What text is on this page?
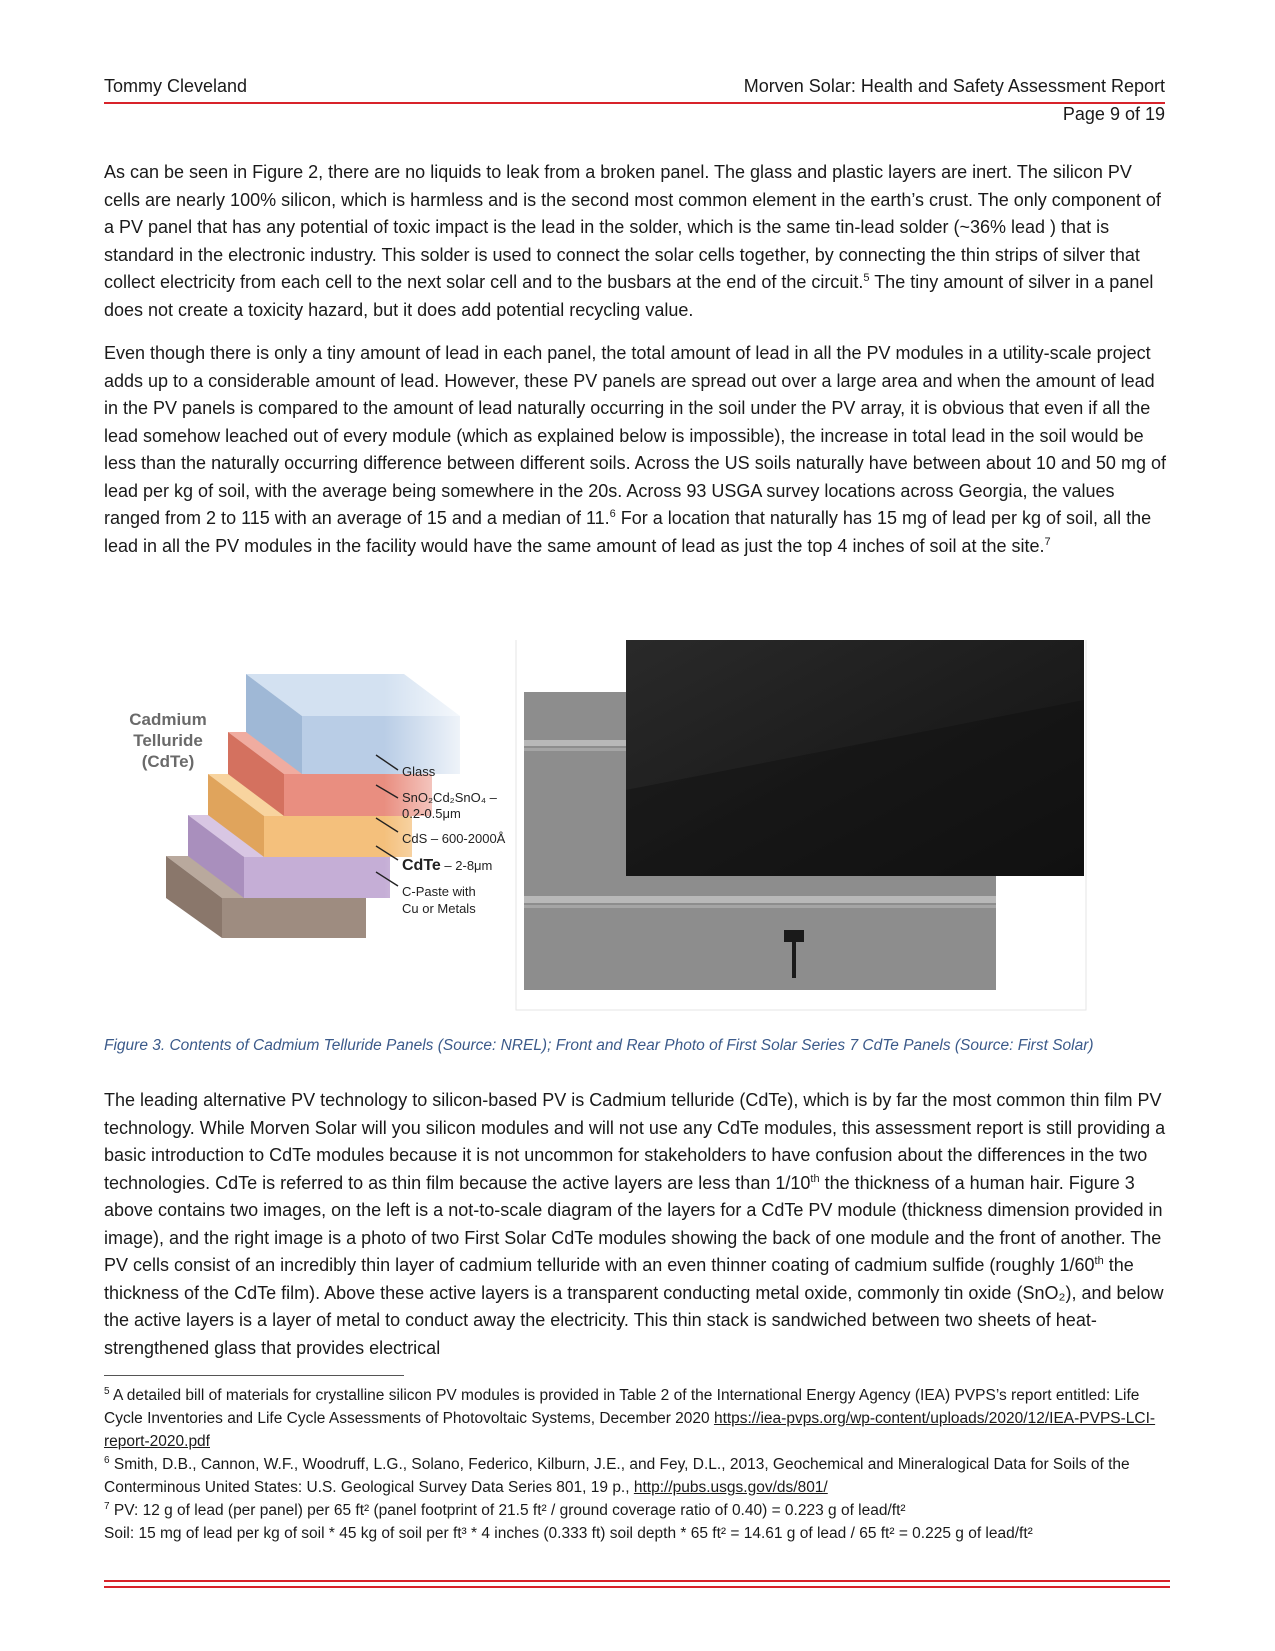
Tommy Cleveland	Morven Solar: Health and Safety Assessment Report
Page 9 of 19

As can be seen in Figure 2, there are no liquids to leak from a broken panel. The glass and plastic layers are inert. The silicon PV cells are nearly 100% silicon, which is harmless and is the second most common element in the earth’s crust. The only component of a PV panel that has any potential of toxic impact is the lead in the solder, which is the same tin-lead solder (~36% lead ) that is standard in the electronic industry. This solder is used to connect the solar cells together, by connecting the thin strips of silver that collect electricity from each cell to the next solar cell and to the busbars at the end of the circuit.$^5$ The tiny amount of silver in a panel does not create a toxicity hazard, but it does add potential recycling value.

Even though there is only a tiny amount of lead in each panel, the total amount of lead in all the PV modules in a utility-scale project adds up to a considerable amount of lead. However, these PV panels are spread out over a large area and when the amount of lead in the PV panels is compared to the amount of lead naturally occurring in the soil under the PV array, it is obvious that even if all the lead somehow leached out of every module (which as explained below is impossible), the increase in total lead in the soil would be less than the naturally occurring difference between different soils. Across the US soils naturally have between about 10 and 50 mg of lead per kg of soil, with the average being somewhere in the 20s. Across 93 USGA survey locations across Georgia, the values ranged from 2 to 115 with an average of 15 and a median of 11.$^6$ For a location that naturally has 15 mg of lead per kg of soil, all the lead in all the PV modules in the facility would have the same amount of lead as just the top 4 inches of soil at the site.$^7$

Cadmium
Telluride
(CdTe)
Glass
SnO₂Cd₂SnO₄ –
0.2-0.5μm
CdS – 600-2000Å
CdTe – 2-8μm
C-Paste with
Cu or Metals
Figure 3. Contents of Cadmium Telluride Panels (Source: NREL); Front and Rear Photo of First Solar Series 7 CdTe Panels (Source: First Solar)

The leading alternative PV technology to silicon-based PV is Cadmium telluride (CdTe), which is by far the most common thin film PV technology. While Morven Solar will you silicon modules and will not use any CdTe modules, this assessment report is still providing a basic introduction to CdTe modules because it is not uncommon for stakeholders to have confusion about the differences in the two technologies. CdTe is referred to as thin film because the active layers are less than 1/10th the thickness of a human hair. Figure 3 above contains two images, on the left is a not-to-scale diagram of the layers for a CdTe PV module (thickness dimension provided in image), and the right image is a photo of two First Solar CdTe modules showing the back of one module and the front of another. The PV cells consist of an incredibly thin layer of cadmium telluride with an even thinner coating of cadmium sulfide (roughly 1/60th the thickness of the CdTe film). Above these active layers is a transparent conducting metal oxide, commonly tin oxide (SnO₂), and below the active layers is a layer of metal to conduct away the electricity. This thin stack is sandwiched between two sheets of heat-strengthened glass that provides electrical

$^5$ A detailed bill of materials for crystalline silicon PV modules is provided in Table 2 of the International Energy Agency (IEA) PVPS’s report entitled: Life Cycle Inventories and Life Cycle Assessments of Photovoltaic Systems, December 2020 https://iea-pvps.org/wp-content/uploads/2020/12/IEA-PVPS-LCI-report-2020.pdf

$^6$ Smith, D.B., Cannon, W.F., Woodruff, L.G., Solano, Federico, Kilburn, J.E., and Fey, D.L., 2013, Geochemical and Mineralogical Data for Soils of the Conterminous United States: U.S. Geological Survey Data Series 801, 19 p., http://pubs.usgs.gov/ds/801/

$^7$ PV: 12 g of lead (per panel) per 65 ft² (panel footprint of 21.5 ft² / ground coverage ratio of 0.40) = 0.223 g of lead/ft²

Soil: 15 mg of lead per kg of soil * 45 kg of soil per ft³ * 4 inches (0.333 ft) soil depth * 65 ft² = 14.61 g of lead / 65 ft² = 0.225 g of lead/ft²
